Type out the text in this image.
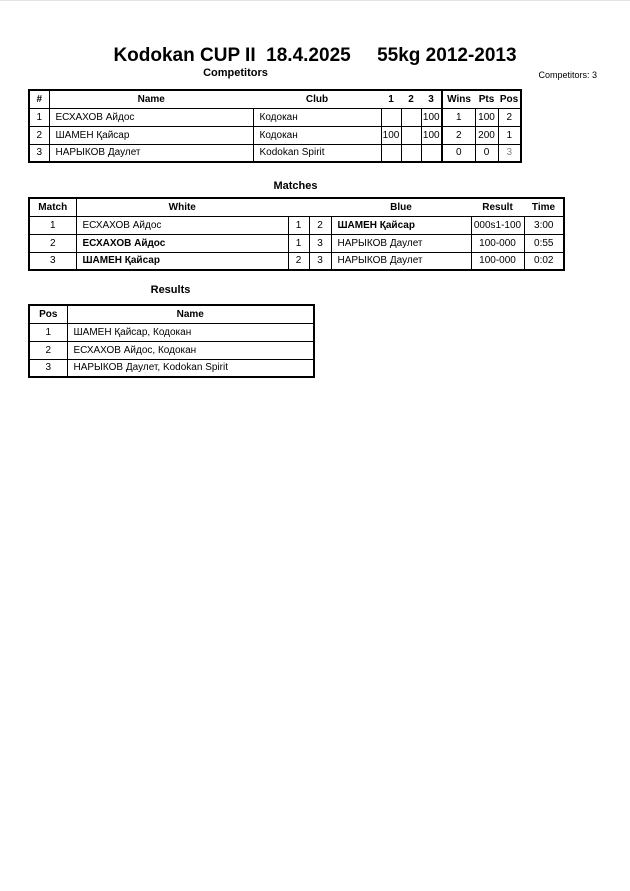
Kodokan CUP II  18.4.2025     55kg 2012-2013
Competitors	Competitors: 3
#	Name	Club	1	2	3	Wins	Pts	Pos
1	ЕСХАХОВ Айдос	Кодокан			100	1	100	2
2	ШАМЕН Қайсар	Кодокан	100		100	2	200	1
3	НАРЫКОВ Даулет	Kodokan Spirit				0	0	3
Matches
Match	White			Blue	Result	Time
1	ЕСХАХОВ Айдос	1	2	ШАМЕН Қайсар	000s1-100	3:00
2	ЕСХАХОВ Айдос	1	3	НАРЫКОВ Даулет	100-000	0:55
3	ШАМЕН Қайсар	2	3	НАРЫКОВ Даулет	100-000	0:02
Results
Pos	Name
1	ШАМЕН Қайсар, Кодокан
2	ЕСХАХОВ Айдос, Кодокан
3	НАРЫКОВ Даулет, Kodokan Spirit
